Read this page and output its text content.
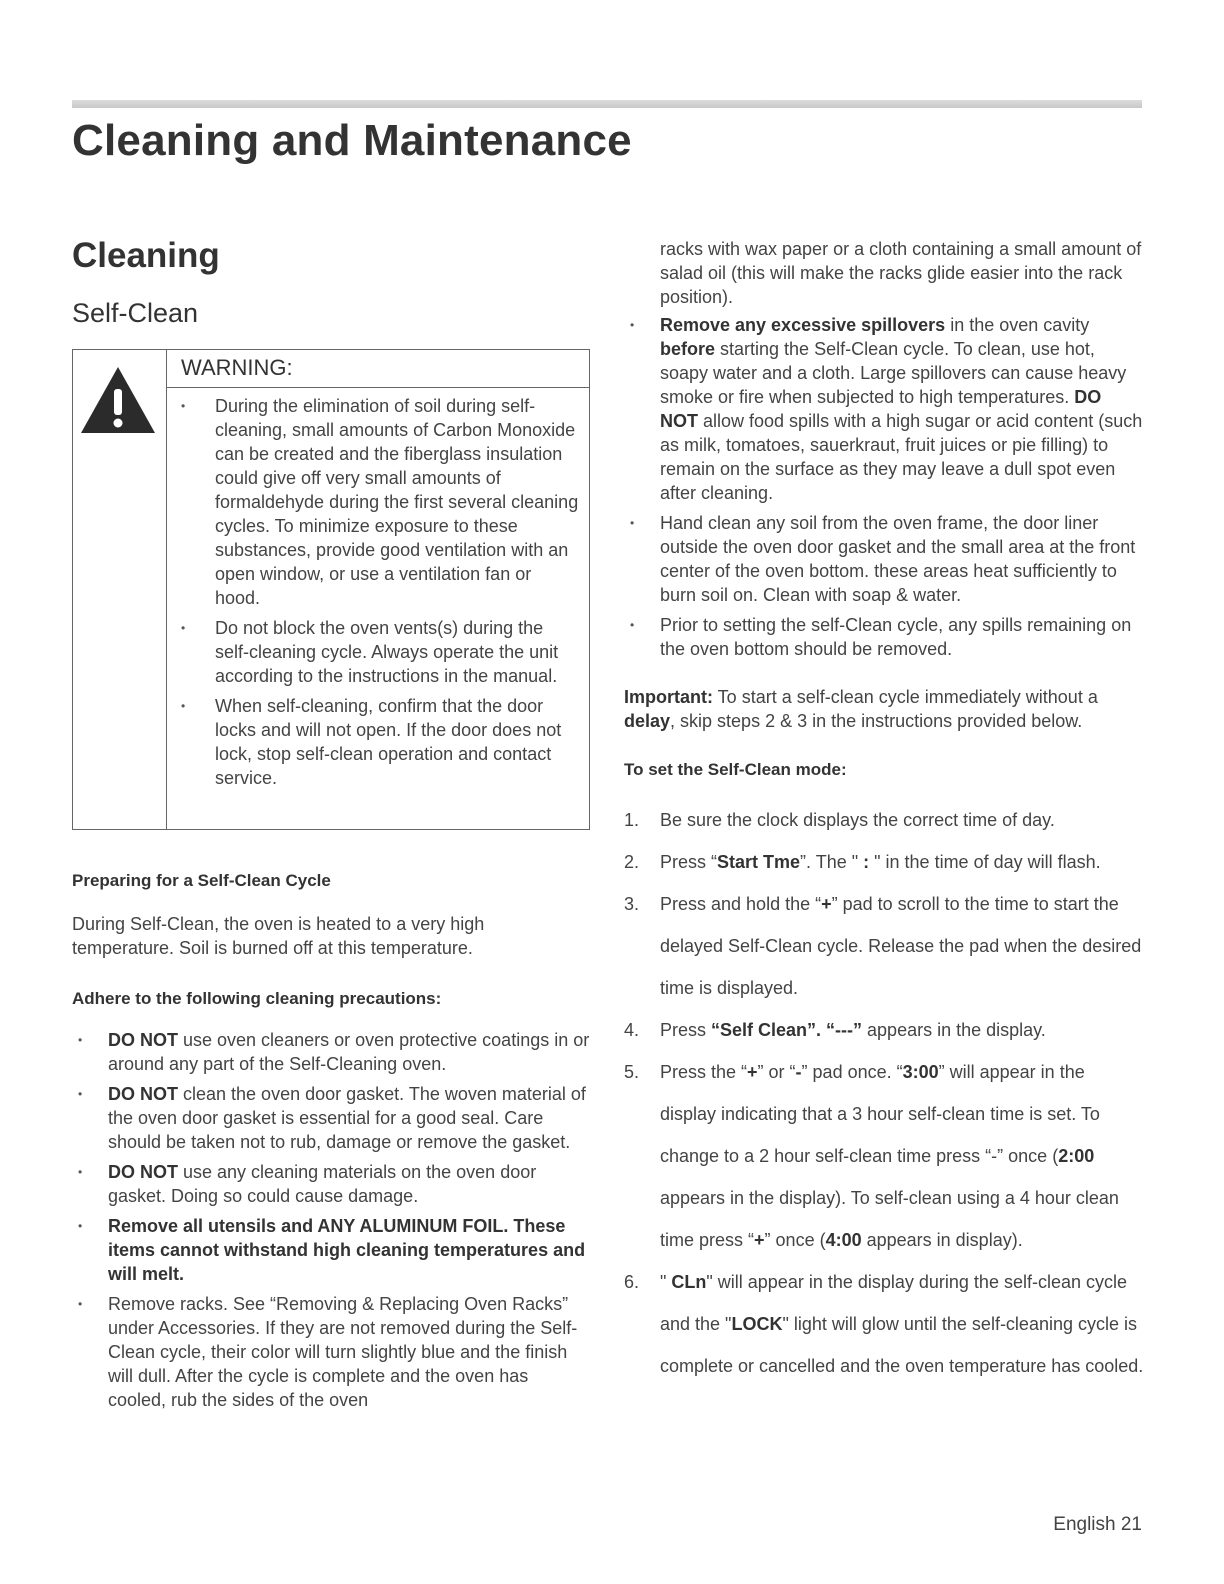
Cleaning and Maintenance
Cleaning
Self-Clean
WARNING:
• During the elimination of soil during self-cleaning, small amounts of Carbon Monoxide can be created and the fiberglass insulation could give off very small amounts of formaldehyde during the first several cleaning cycles. To minimize exposure to these substances, provide good ventilation with an open window, or use a ventilation fan or hood.
• Do not block the oven vents(s) during the self-cleaning cycle. Always operate the unit according to the instructions in the manual.
• When self-cleaning, confirm that the door locks and will not open. If the door does not lock, stop self-clean operation and contact service.
Preparing for a Self-Clean Cycle

During Self-Clean, the oven is heated to a very high temperature. Soil is burned off at this temperature.

Adhere to the following cleaning precautions:
• DO NOT use oven cleaners or oven protective coatings in or around any part of the Self-Cleaning oven.
• DO NOT clean the oven door gasket. The woven material of the oven door gasket is essential for a good seal. Care should be taken not to rub, damage or remove the gasket.
• DO NOT use any cleaning materials on the oven door gasket. Doing so could cause damage.
• Remove all utensils and ANY ALUMINUM FOIL. These items cannot withstand high cleaning temperatures and will melt.
• Remove racks. See “Removing & Replacing Oven Racks” under Accessories. If they are not removed during the Self-Clean cycle, their color will turn slightly blue and the finish will dull. After the cycle is complete and the oven has cooled, rub the sides of the oven

racks with wax paper or a cloth containing a small amount of salad oil (this will make the racks glide easier into the rack position).

• Remove any excessive spillovers in the oven cavity before starting the Self-Clean cycle. To clean, use hot, soapy water and a cloth. Large spillovers can cause heavy smoke or fire when subjected to high temperatures. DO NOT allow food spills with a high sugar or acid content (such as milk, tomatoes, sauerkraut, fruit juices or pie filling) to remain on the surface as they may leave a dull spot even after cleaning.
• Hand clean any soil from the oven frame, the door liner outside the oven door gasket and the small area at the front center of the oven bottom. these areas heat sufficiently to burn soil on. Clean with soap & water.
• Prior to setting the self-Clean cycle, any spills remaining on the oven bottom should be removed.

Important: To start a self-clean cycle immediately without a delay, skip steps 2 & 3 in the instructions provided below.

To set the Self-Clean mode:
1. Be sure the clock displays the correct time of day.
2. Press “Start Tme”. The " : " in the time of day will flash.
3. Press and hold the “+” pad to scroll to the time to start the delayed Self-Clean cycle. Release the pad when the desired time is displayed.
4. Press “Self Clean”. “---” appears in the display.
5. Press the “+” or “-” pad once. “3:00” will appear in the display indicating that a 3 hour self-clean time is set. To change to a 2 hour self-clean time press “-” once (2:00 appears in the display). To self-clean using a 4 hour clean time press “+” once (4:00 appears in display).
6. " CLn" will appear in the display during the self-clean cycle and the "LOCK" light will glow until the self-cleaning cycle is complete or cancelled and the oven temperature has cooled.
English 21
